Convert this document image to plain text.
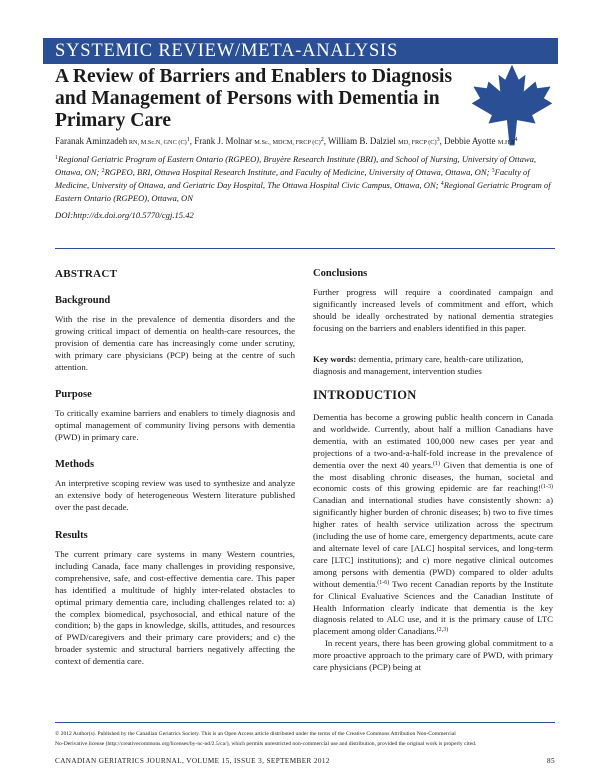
SYSTEMIC REVIEW/META-ANALYSIS
A Review of Barriers and Enablers to Diagnosis and Management of Persons with Dementia in Primary Care
Faranak Aminzadeh RN, M.Sc.N, GNC $(C)^1$, Frank J. Molnar M.Sc., MDCM, FRCP $(C)^2$, William B. Dalziel MD, FRCP $(C)^3$, Debbie Ayotte $M.H.S^4$
$^1$Regional Geriatric Program of Eastern Ontario (RGPEO), Bruyère Research Institute (BRI), and School of Nursing, University of Ottawa, Ottawa, ON; $^2$RGPEO, BRI, Ottawa Hospital Research Institute, and Faculty of Medicine, University of Ottawa, Ottawa, ON; $^3$Faculty of Medicine, University of Ottawa, and Geriatric Day Hospital, The Ottawa Hospital Civic Campus, Ottawa, ON; $^4$Regional Geriatric Program of Eastern Ontario (RGPEO), Ottawa, ON
DOI:http://dx.doi.org/10.5770/cgj.15.42
ABSTRACT
Background

With the rise in the prevalence of dementia disorders and the growing critical impact of dementia on health-care resources, the provision of dementia care has increasingly come under scrutiny, with primary care physicians (PCP) being at the centre of such attention.

Purpose

To critically examine barriers and enablers to timely diagnosis and optimal management of community living persons with dementia (PWD) in primary care.

Methods

An interpretive scoping review was used to synthesize and analyze an extensive body of heterogeneous Western literature published over the past decade.

Results

The current primary care systems in many Western countries, including Canada, face many challenges in providing responsive, comprehensive, safe, and cost-effective dementia care. This paper has identified a multitude of highly inter-related obstacles to optimal primary dementia care, including challenges related to: a) the complex biomedical, psychosocial, and ethical nature of the condition; b) the gaps in knowledge, skills, attitudes, and resources of PWD/caregivers and their primary care providers; and c) the broader systemic and structural barriers negatively affecting the context of dementia care.

Conclusions

Further progress will require a coordinated campaign and significantly increased levels of commitment and effort, which should be ideally orchestrated by national dementia strategies focusing on the barriers and enablers identified in this paper.

Key words: dementia, primary care, health-care utilization, diagnosis and management, intervention studies

INTRODUCTION

Dementia has become a growing public health concern in Canada and worldwide. Currently, about half a million Canadians have dementia, with an estimated 100,000 new cases per year and projections of a two-and-a-half-fold increase in the prevalence of dementia over the next 40 years.$^{(1)}$ Given that dementia is one of the most disabling chronic diseases, the human, societal and economic costs of this growing epidemic are far reaching!$^{(1-3)}$ Canadian and international studies have consistently shown: a) significantly higher burden of chronic diseases; b) two to five times higher rates of health service utilization across the spectrum (including the use of home care, emergency departments, acute care and alternate level of care [ALC] hospital services, and long-term care [LTC] institutions); and c) more negative clinical outcomes among persons with dementia (PWD) compared to older adults without dementia.$^{(1-6)}$ Two recent Canadian reports by the Institute for Clinical Evaluative Sciences and the Canadian Institute of Health Information clearly indicate that dementia is the key diagnosis related to ALC use, and it is the primary cause of LTC placement among older Canadians.$^{(2,3)}$

In recent years, there has been growing global commitment to a more proactive approach to the primary care of PWD, with primary care physicians (PCP) being at

© 2012 Author(s). Published by the Canadian Geriatrics Society. This is an Open Access article distributed under the terms of the Creative Commons Attribution Non-Commercial
No-Derivative license (http://creativecommons.org/licenses/by-nc-nd/2.5/ca/), which permits unrestricted non-commercial use and distribution, provided the original work is properly cited.
CANADIAN GERIATRICS JOURNAL, VOLUME 15, ISSUE 3, SEPTEMBER 2012	85
